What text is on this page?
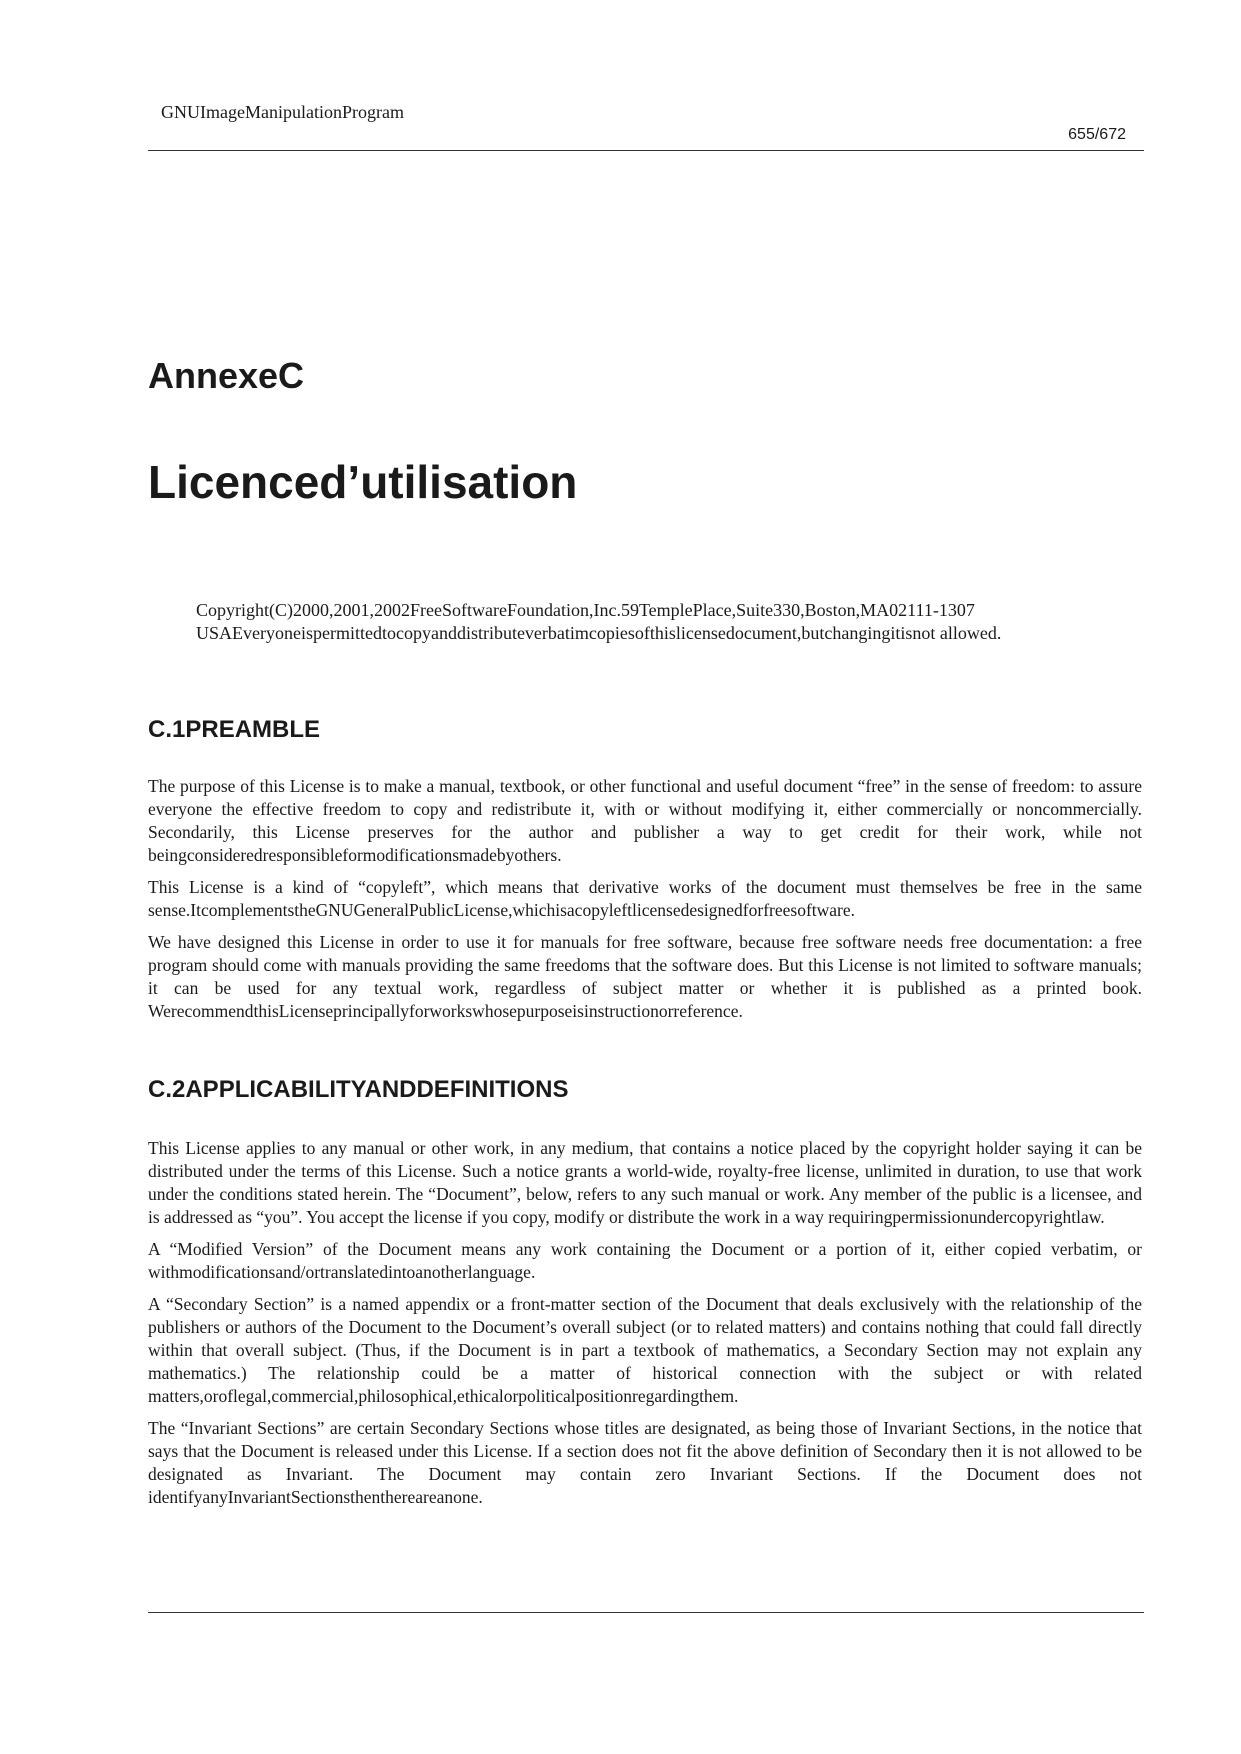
GNUImageManipulationProgram
655/672
AnnexeC
Licenced’utilisation

Copyright(C)2000,2001,2002FreeSoftwareFoundation,Inc.59TemplePlace,Suite330,Boston,MA02111-1307 USAEveryoneispermittedtocopyanddistributeverbatimcopiesofthislicensedocument,butchangingitisnot allowed.

C.1PREAMBLE

The purpose of this License is to make a manual, textbook, or other functional and useful document “free” in the sense of freedom: to assure everyone the effective freedom to copy and redistribute it, with or without modifying it, either commercially or noncommercially. Secondarily, this License preserves for the author and publisher a way to get credit for their work, while not beingconsideredresponsibleformodificationsmadebyothers.

This License is a kind of “copyleft”, which means that derivative works of the document must themselves be free in the same sense.ItcomplementstheGNUGeneralPublicLicense,whichisacopyleftlicensedesignedforfreesoftware.

We have designed this License in order to use it for manuals for free software, because free software needs free documentation: a free program should come with manuals providing the same freedoms that the software does. But this License is not limited to software manuals; it can be used for any textual work, regardless of subject matter or whether it is published as a printed book. WerecommendthisLicenseprincipallyforworkswhosepurposeisinstructionorreference.

C.2APPLICABILITYANDDEFINITIONS

This License applies to any manual or other work, in any medium, that contains a notice placed by the copyright holder saying it can be distributed under the terms of this License. Such a notice grants a world-wide, royalty-free license, unlimited in duration, to use that work under the conditions stated herein. The “Document”, below, refers to any such manual or work. Any member of the public is a licensee, and is addressed as “you”. You accept the license if you copy, modify or distribute the work in a way requiringpermissionundercopyrightlaw.

A “Modified Version” of the Document means any work containing the Document or a portion of it, either copied verbatim, or withmodificationsand/ortranslatedintoanotherlanguage.

A “Secondary Section” is a named appendix or a front-matter section of the Document that deals exclusively with the relationship of the publishers or authors of the Document to the Document’s overall subject (or to related matters) and contains nothing that could fall directly within that overall subject. (Thus, if the Document is in part a textbook of mathematics, a Secondary Section may not explain any mathematics.) The relationship could be a matter of historical connection with the subject or with related matters,oroflegal,commercial,philosophical,ethicalorpoliticalpositionregardingthem.

The “Invariant Sections” are certain Secondary Sections whose titles are designated, as being those of Invariant Sections, in the notice that says that the Document is released under this License. If a section does not fit the above definition of Secondary then it is not allowed to be designated as Invariant. The Document may contain zero Invariant Sections. If the Document does not identifyanyInvariantSectionsthenthereareanone.
